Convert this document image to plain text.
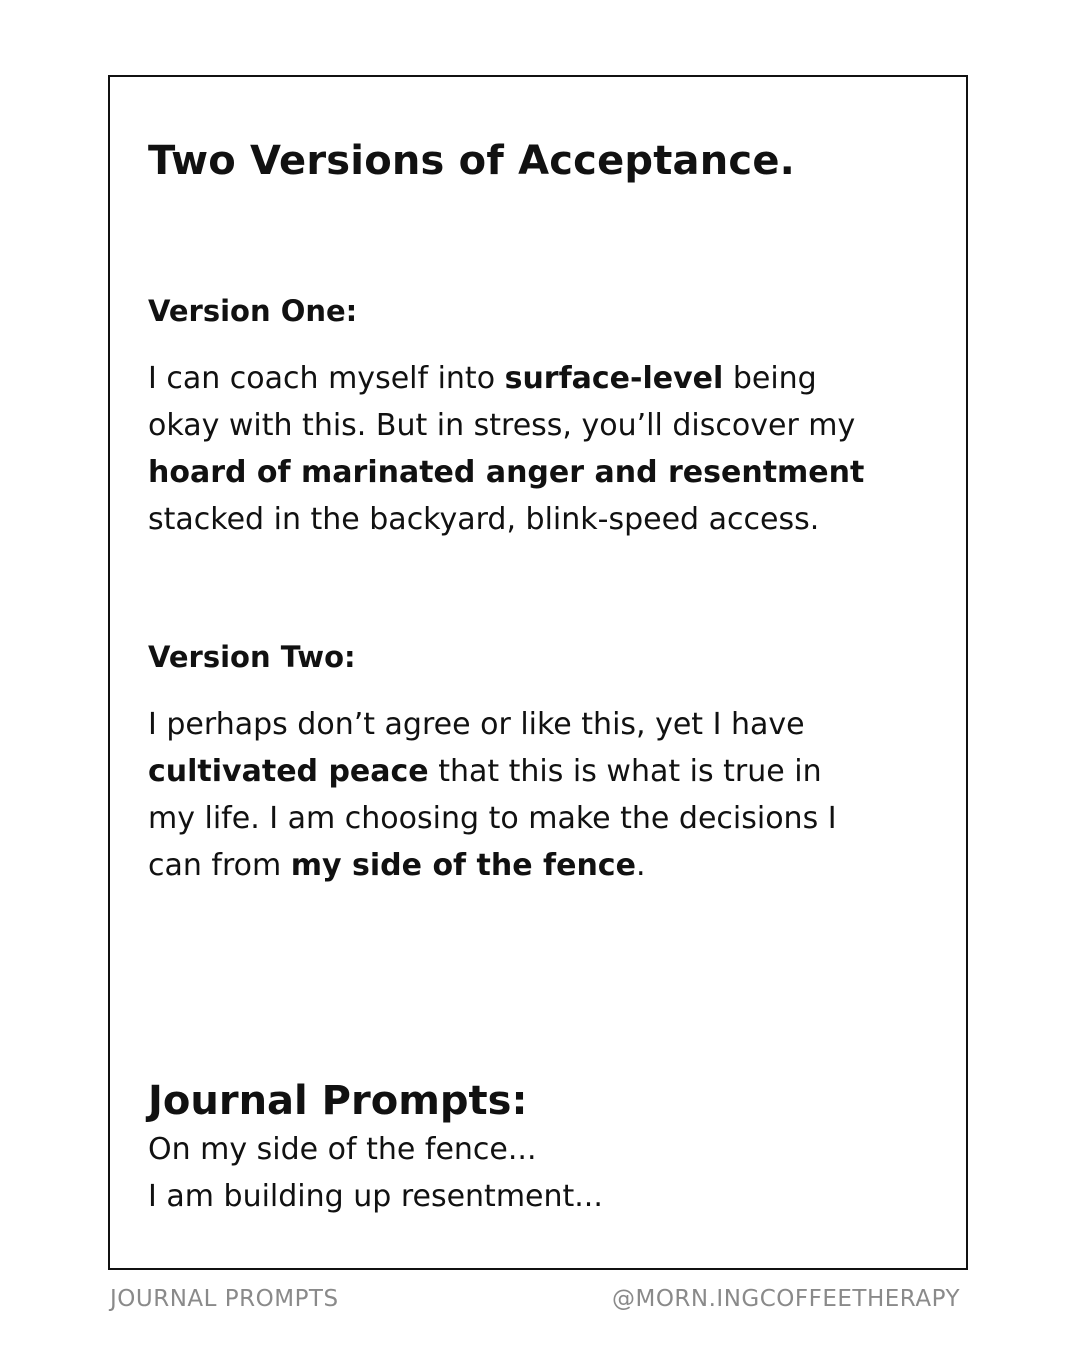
Two Versions of Acceptance.
Version One:

I can coach myself into surface-level being okay with this. But in stress, you’ll discover my hoard of marinated anger and resentment stacked in the backyard, blink-speed access.

Version Two:

I perhaps don’t agree or like this, yet I have cultivated peace that this is what is true in my life. I am choosing to make the decisions I can from my side of the fence.

Journal Prompts:

On my side of the fence...

I am building up resentment...

JOURNAL PROMPTS	@MORN.INGCOFFEETHERAPY
